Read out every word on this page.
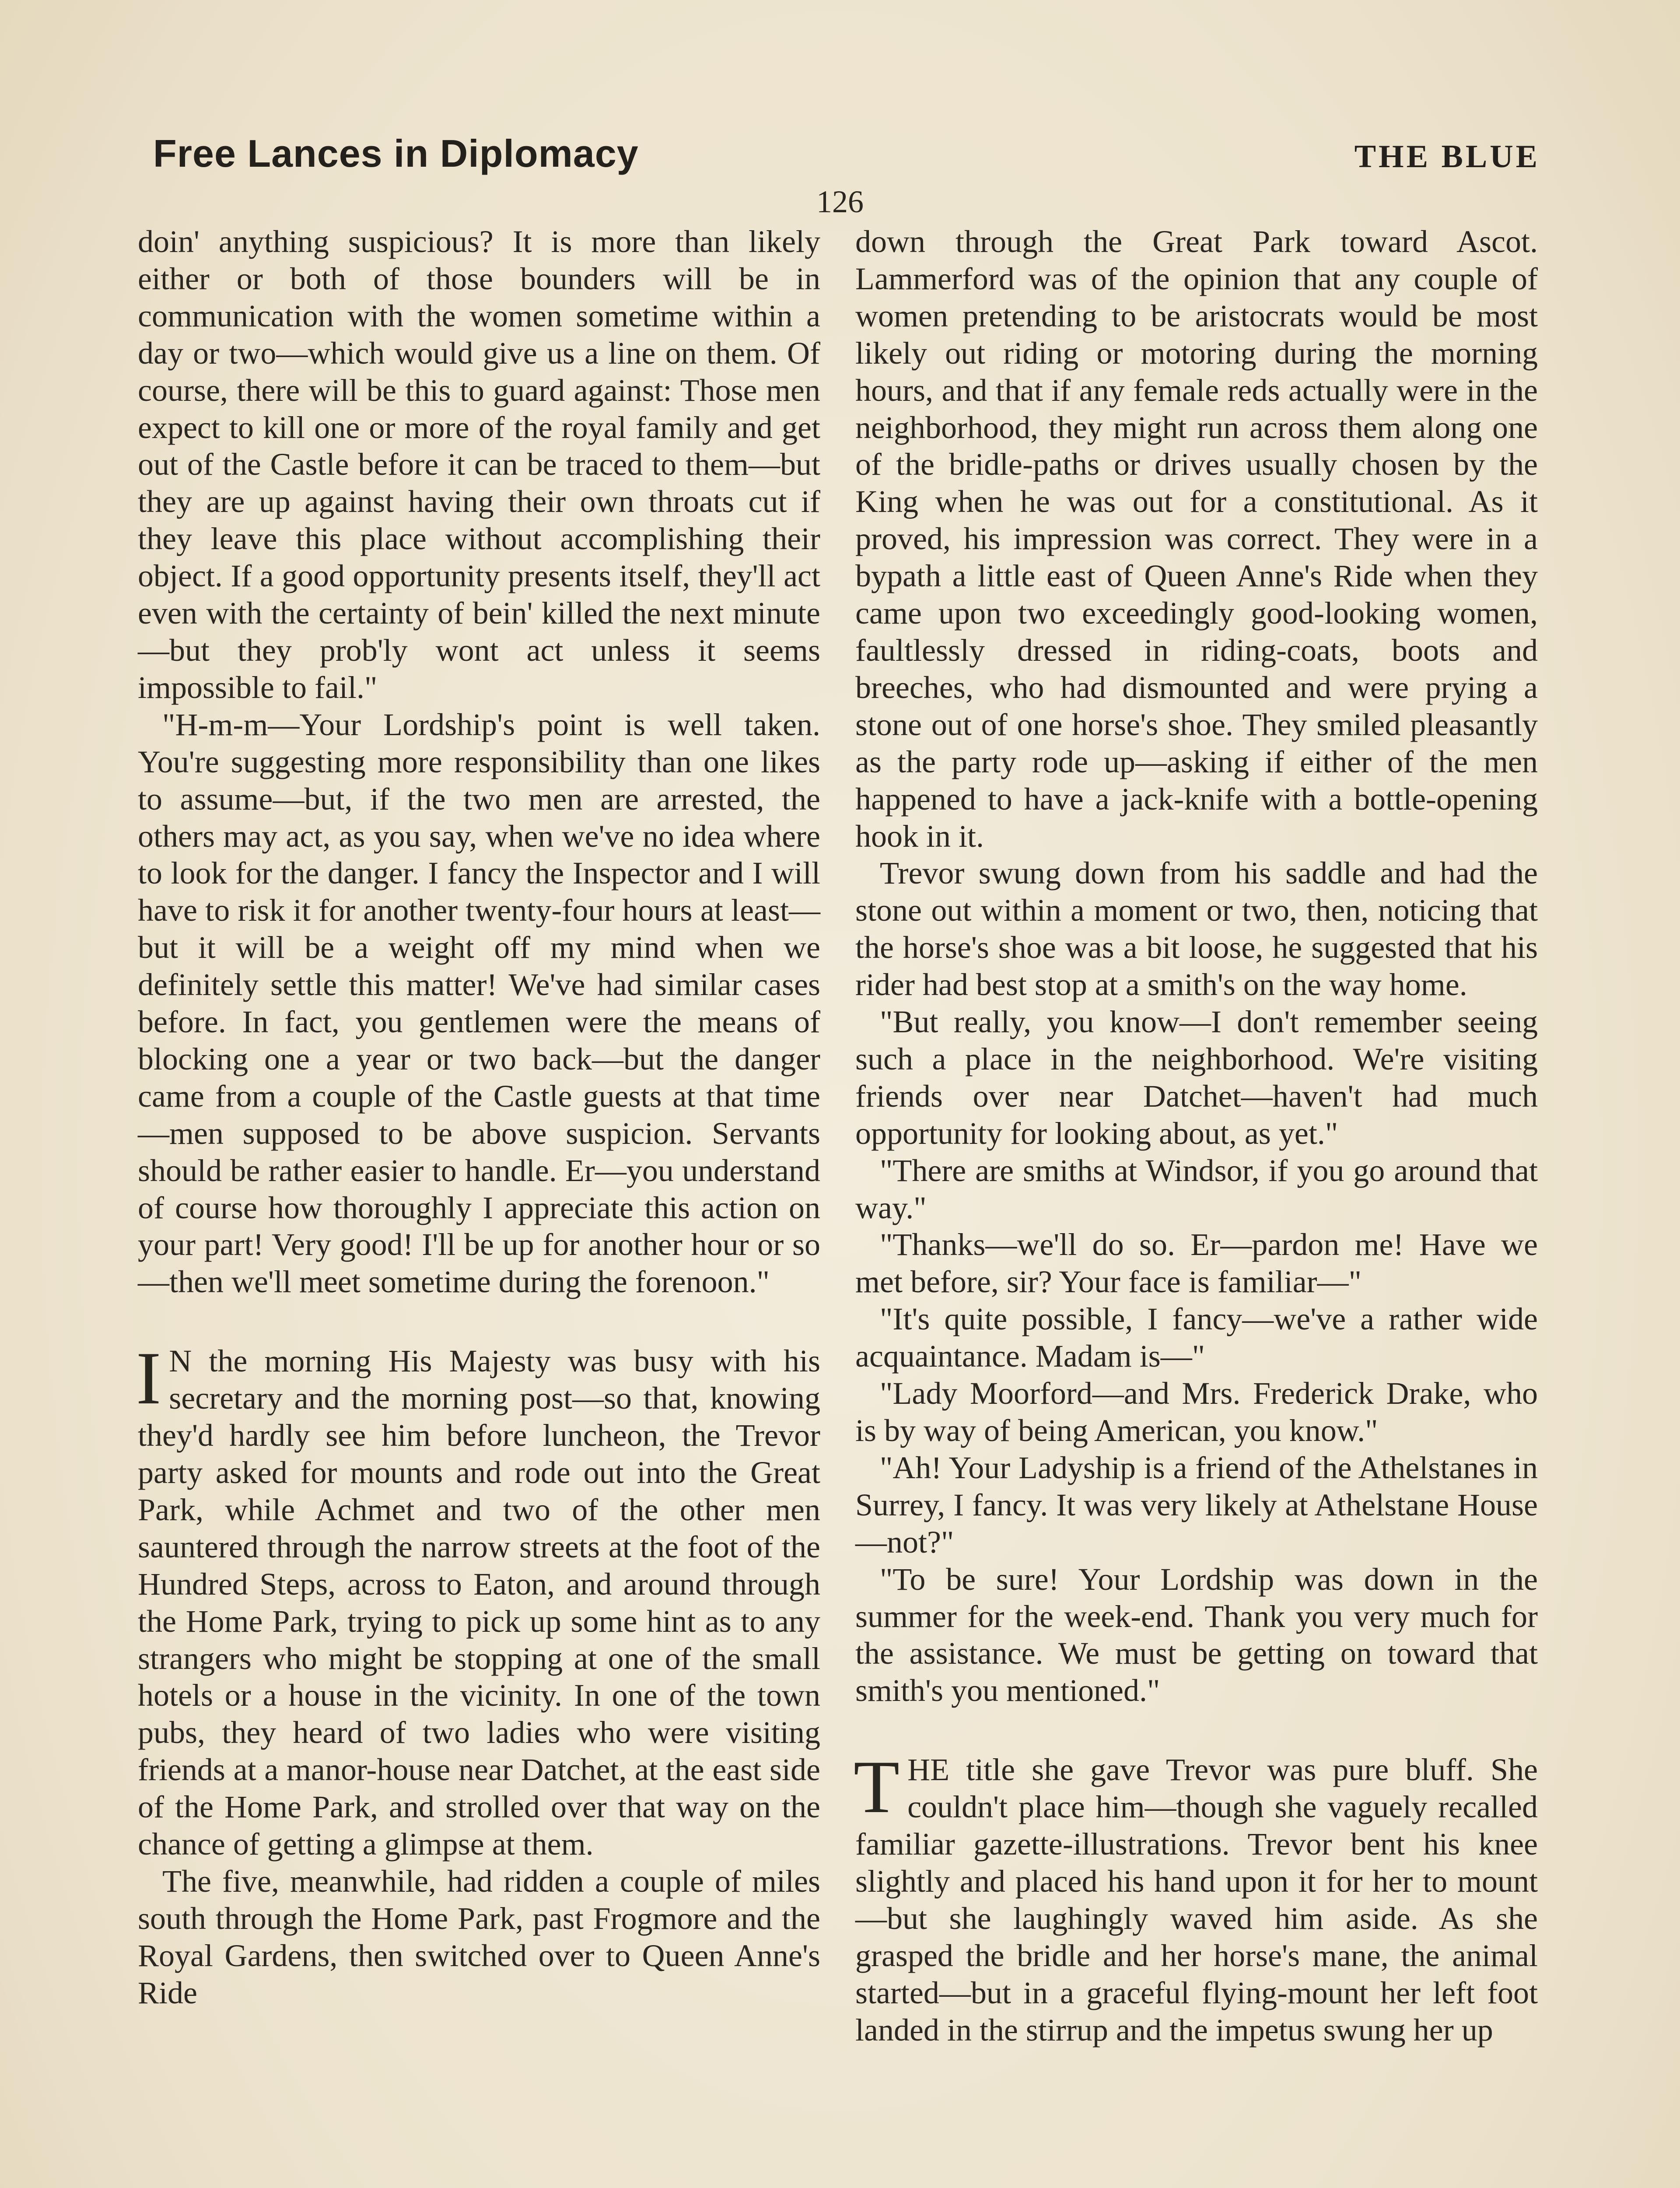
Free Lances in Diplomacy	THE BLUE
126

doin' anything suspicious? It is more than likely either or both of those bounders will be in communication with the women sometime within a day or two—which would give us a line on them. Of course, there will be this to guard against: Those men expect to kill one or more of the royal family and get out of the Castle before it can be traced to them—but they are up against having their own throats cut if they leave this place without accomplishing their object. If a good opportunity presents itself, they'll act even with the certainty of bein' killed the next minute—but they prob'ly wont act unless it seems impossible to fail."

"H-m-m—Your Lordship's point is well taken. You're suggesting more responsibility than one likes to assume—but, if the two men are arrested, the others may act, as you say, when we've no idea where to look for the danger. I fancy the Inspector and I will have to risk it for another twenty-four hours at least—but it will be a weight off my mind when we definitely settle this matter! We've had similar cases before. In fact, you gentlemen were the means of blocking one a year or two back—but the danger came from a couple of the Castle guests at that time—men supposed to be above suspicion. Servants should be rather easier to handle. Er—you understand of course how thoroughly I appreciate this action on your part! Very good! I'll be up for another hour or so—then we'll meet sometime during the forenoon."

I N the morning His Majesty was busy with his secretary and the morning post—so that, knowing they'd hardly see him before luncheon, the Trevor party asked for mounts and rode out into the Great Park, while Achmet and two of the other men sauntered through the narrow streets at the foot of the Hundred Steps, across to Eaton, and around through the Home Park, trying to pick up some hint as to any strangers who might be stopping at one of the small hotels or a house in the vicinity. In one of the town pubs, they heard of two ladies who were visiting friends at a manor-house near Datchet, at the east side of the Home Park, and strolled over that way on the chance of getting a glimpse at them.

The five, meanwhile, had ridden a couple of miles south through the Home Park, past Frogmore and the Royal Gardens, then switched over to Queen Anne's Ride

down through the Great Park toward Ascot. Lammerford was of the opinion that any couple of women pretending to be aristocrats would be most likely out riding or motoring during the morning hours, and that if any female reds actually were in the neighborhood, they might run across them along one of the bridle-paths or drives usually chosen by the King when he was out for a constitutional. As it proved, his impression was correct. They were in a bypath a little east of Queen Anne's Ride when they came upon two exceedingly good-looking women, faultlessly dressed in riding-coats, boots and breeches, who had dismounted and were prying a stone out of one horse's shoe. They smiled pleasantly as the party rode up—asking if either of the men happened to have a jack-knife with a bottle-opening hook in it.

Trevor swung down from his saddle and had the stone out within a moment or two, then, noticing that the horse's shoe was a bit loose, he suggested that his rider had best stop at a smith's on the way home.

"But really, you know—I don't remember seeing such a place in the neighborhood. We're visiting friends over near Datchet—haven't had much opportunity for looking about, as yet."

"There are smiths at Windsor, if you go around that way."

"Thanks—we'll do so. Er—pardon me! Have we met before, sir? Your face is familiar—"

"It's quite possible, I fancy—we've a rather wide acquaintance. Madam is—"

"Lady Moorford—and Mrs. Frederick Drake, who is by way of being American, you know."

"Ah! Your Ladyship is a friend of the Athelstanes in Surrey, I fancy. It was very likely at Athelstane House—not?"

"To be sure! Your Lordship was down in the summer for the week-end. Thank you very much for the assistance. We must be getting on toward that smith's you mentioned."

THE title she gave Trevor was pure bluff. She couldn't place him—though she vaguely recalled familiar gazette-illustrations. Trevor bent his knee slightly and placed his hand upon it for her to mount—but she laughingly waved him aside. As she grasped the bridle and her horse's mane, the animal started—but in a graceful flying-mount her left foot landed in the stirrup and the impetus swung her up
